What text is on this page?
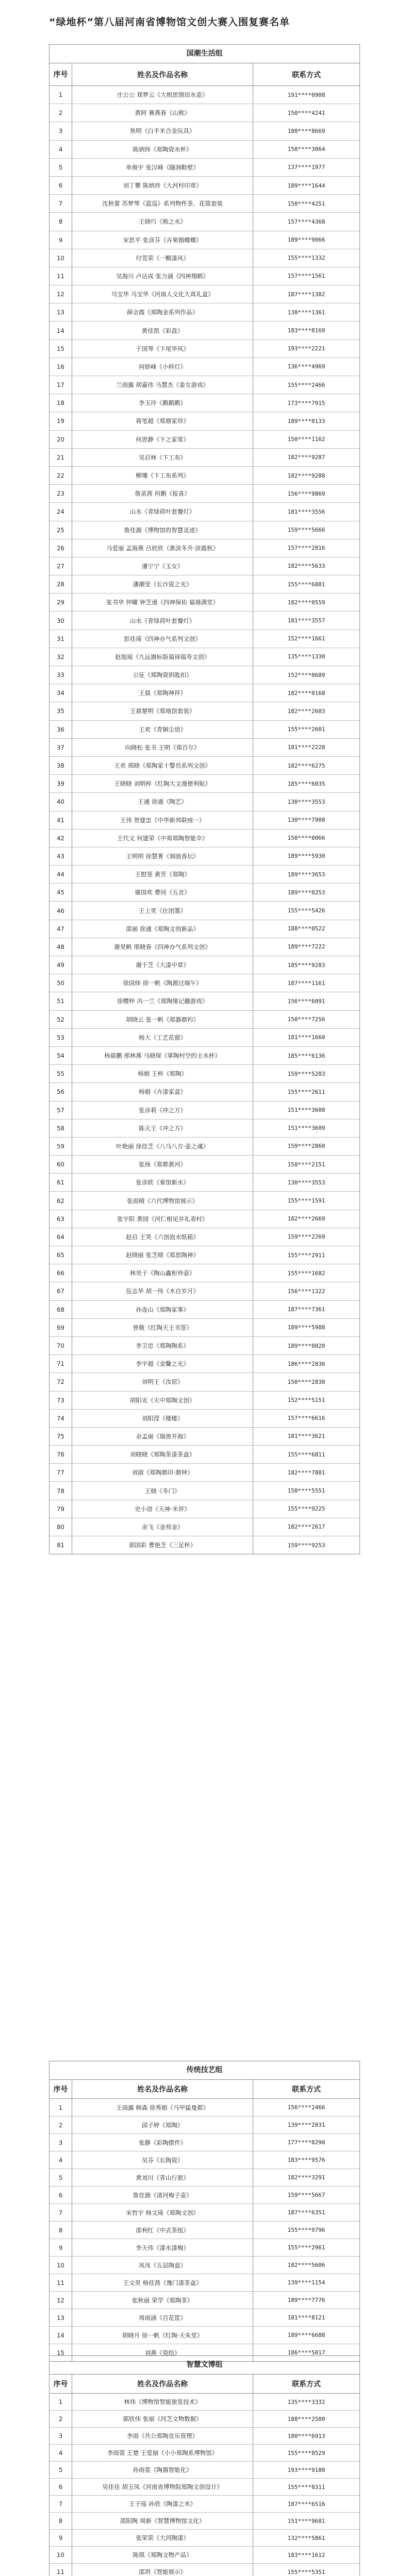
“绿地杯”第八届河南省博物馆文创大赛入围复赛名单
国潮生活组
序号	姓名及作品名称	联系方式
1	庄公公 郑梦云《大相思情田水壶》	191****0908
2	黄阿 赛燕春《山熊》	150****4241
3	焦明《白半米合金玩具》	180****8669
4	陈炳炜《郑陶瓷水杯》	158****3064
5	单俊宇 张汉峰《隧洞鞋壁》	137****1977
6	刘丁攀 陈炳珍《大河村印章》	189****1644
7	沈秋蕾 苏梦琴《蓝巡》系列物件茶、花简套装	150****4251
8	王晓巧《熊之水》	157****4368
9	宋思平 张彦芬《卉果婚蝶蝶》	189****9066
10	付莞荣《一顆漆风》	155****1332
11	吴海川 卢沾成 张力涵《四神翔鹤》	157****1561
12	马宝华 马宝华《河南人文化大真礼盒》	187****1382
13	薛会霞《郑陶金系列作品》	138****1361
14	黄佳凯《彩盘》	183****8169
15	于国琴《卞尾华风》	193****2221
16	何娇峰《小样灯》	136****4969
17	兰雨露 胡嘉伟 马慧杰《姜女游戏》	155****2466
18	李玉玲《鹅鹅鹅》	173****7915
19	蒋笔超《郑鼎家珍》	189****0133
20	何思静《卞之家常》	150****1162
21	吴启林《卞工布》	182****9287
22	柳珊《卞工布系列》	182****9288
23	詹苗茜 何鹅《报喜》	156****9869
24	山水《青绿荷叶套餐灯》	181****3556
25	詹佳源《博物馆的智慧灵迹》	159****5666
26	马爱丽 孟海燕 吕欣欣《黄淡冬升·淡霞秋》	157****2016
27	潘宁宁《玉女》	182****5633
28	潘潮莹《长沙瓷之光》	155****6881
29	张书华 仲曜 钟芝遠《四神保佑 福禧满堂》	182****0559
30	山水《青绿荷叶套餐灯》	181****3557
31	彭佳琦《四神办气系列文创》	152****1661
32	赵旭瑶《九运旗标版福禄福寿文创》	135****1330
33	公征《郑陶瓷钥匙扣》	152****0689
34	王晨《郑陶神祥》	182****0168
35	王晨楚明《郑地馆套装》	182****2603
36	王欢《青铜尘语》	155****2601
37	向晓松 张书 王明《郑百尔》	181****2228
38	王欢 邢晓《郑陶家十警员系列文创》	182****6275
39	王晓晓 刘明梓《红陶大文漫便利贴》	185****6035
40	王通 徐通《陶艺》	130****3553
41	王伟 贺建忠《中华新邦联统一》	130****7908
42	王代文 何建荣《中郑郑陶智能伞》	150****0066
43	王明明 徐慧菁《刻面香坛》	189****5930
44	王慰签 黄芳《郑陶》	189****3653
45	谢国欢 曹同《五音》	189****0253
46	王上笑《仕团墨》	155****5426
47	邵丽 徐通《郑陶文创新品》	188****0522
48	谢昊帆 邢晓春《四神办气系列文创》	189****7222
49	谢于芝《大漆中章》	185****9283
50	徐国炜 徐一帆《陶源过端午》	187****1161
51	徐樱梓 冯一兰《郑陶缘记趣游戏》	156****6091
52	胡晓云 张一帆《郑器鼎钓》	150****7256
53	杨大《工艺花窗》	181****1660
54	杨晨鹏 邢林燕 马晓琛《掌陶村空的主水杯》	185****6136
55	杨娟 王梓《郑陶》	159****5283
56	杨娟《卉漆家盒》	155****2611
57	张彦莉《冲之方》	151****3608
58	陈天王《冲之方》	151****3609
59	叶艳丽 徐佳芝《八马八方·壶之魂》	159****2860
60	张扬《郑都黄河》	158****2151
61	张彦欧《秦馆新水》	130****3553
62	张雨晴《六代博物馆展示》	155****1591
63	张宇阳 黄园《河仁相见并礼表村》	182****2669
64	赵启 王笑《六创泡水纸箱》	159****2269
65	赵晓丽 张芝晴《郑思陶神》	155****2911
66	林昊子《陶山鑫柜珍壶》	155****1682
67	伍志华 胡一伟《木自岁月》	156****1322
68	孙连山《郑陶家事》	187****7361
69	曾敬《红陶天王书签》	189****5988
70	李卫忠《郑陶陶系》	189****0020
71	李宇超《金馨之光》	186****2836
72	刘明王《汝窑》	150****2838
73	胡阳光《天中郑陶文创》	152****5151
74	刘阳滢《楼楼》	157****6616
75	余孟丽《瑞兽开海》	181****3621
76	刘晓晓《郑陶茶漆茶盒》	155****6811
77	刘淑《郑陶鼎印·鼎钟》	182****7801
78	王晓《冬门》	150****5551
79	史小语《天神·米祥》	155****9225
80	余飞《金邦金》	182****2617
81	郭国彩 曹艳芝《三足杯》	159****9253
传统技艺组
序号	姓名及作品名称	联系方式
1	王雨露 韩森 徐秀娟《马甲猛曼都》	156****2466
2	邱子婷《郑陶》	139****2031
3	张静《彩陶摆件》	177****8290
4	吴芬《长陶瓷》	183****9576
5	黄刘川《青山行旅》	182****3291
6	詹佳源《清河梅子壶》	159****5667
7	宋哲宇 杨文琦《郑陶文创》	187****6351
8	邵利红《中式茶组》	155****9796
9	李天伟《漆水漆梅》	155****2961
10	凤凤《五层陶盒》	182****5606
11	王文昊 杨佳茜《豫门漆茶盒》	139****1154
12	张秋丽 荣学《郑陶茶》	189****7776
13	周雨涵《百花筐》	181****8121
14	胡晓月 徐一帆《红陶·天朱堂》	189****6688
15	刘燕《瓷绘》	186****5017
智慧文博组
序号	姓名及作品名称	联系方式
1	林伟《博物馆智能旅览技术》	135****3332
2	郭欣伟 张丽《河芝文物数据》	188****2500
3	李雨《共公郑陶音乐管理》	180****6913
4	李雨萱 王楚 王爱丽《小小郑陶系博物馆》	155****8529
5	孙雨萱《陶器智能化》	193****9180
6	吴佳佳 胡玉凤《河南省博物院郑陶文创设计》	155****8311
7	王子瑶 孙欣《陶漆之米》	187****6516
8	邵阳陶 周新《智慧博物馆文化》	151****9681
9	张荣荣《大河陶漆》	132****5861
10	陈琪《郑陶文物产品》	183****1612
11	邵玥《智能展示》	155****5351
